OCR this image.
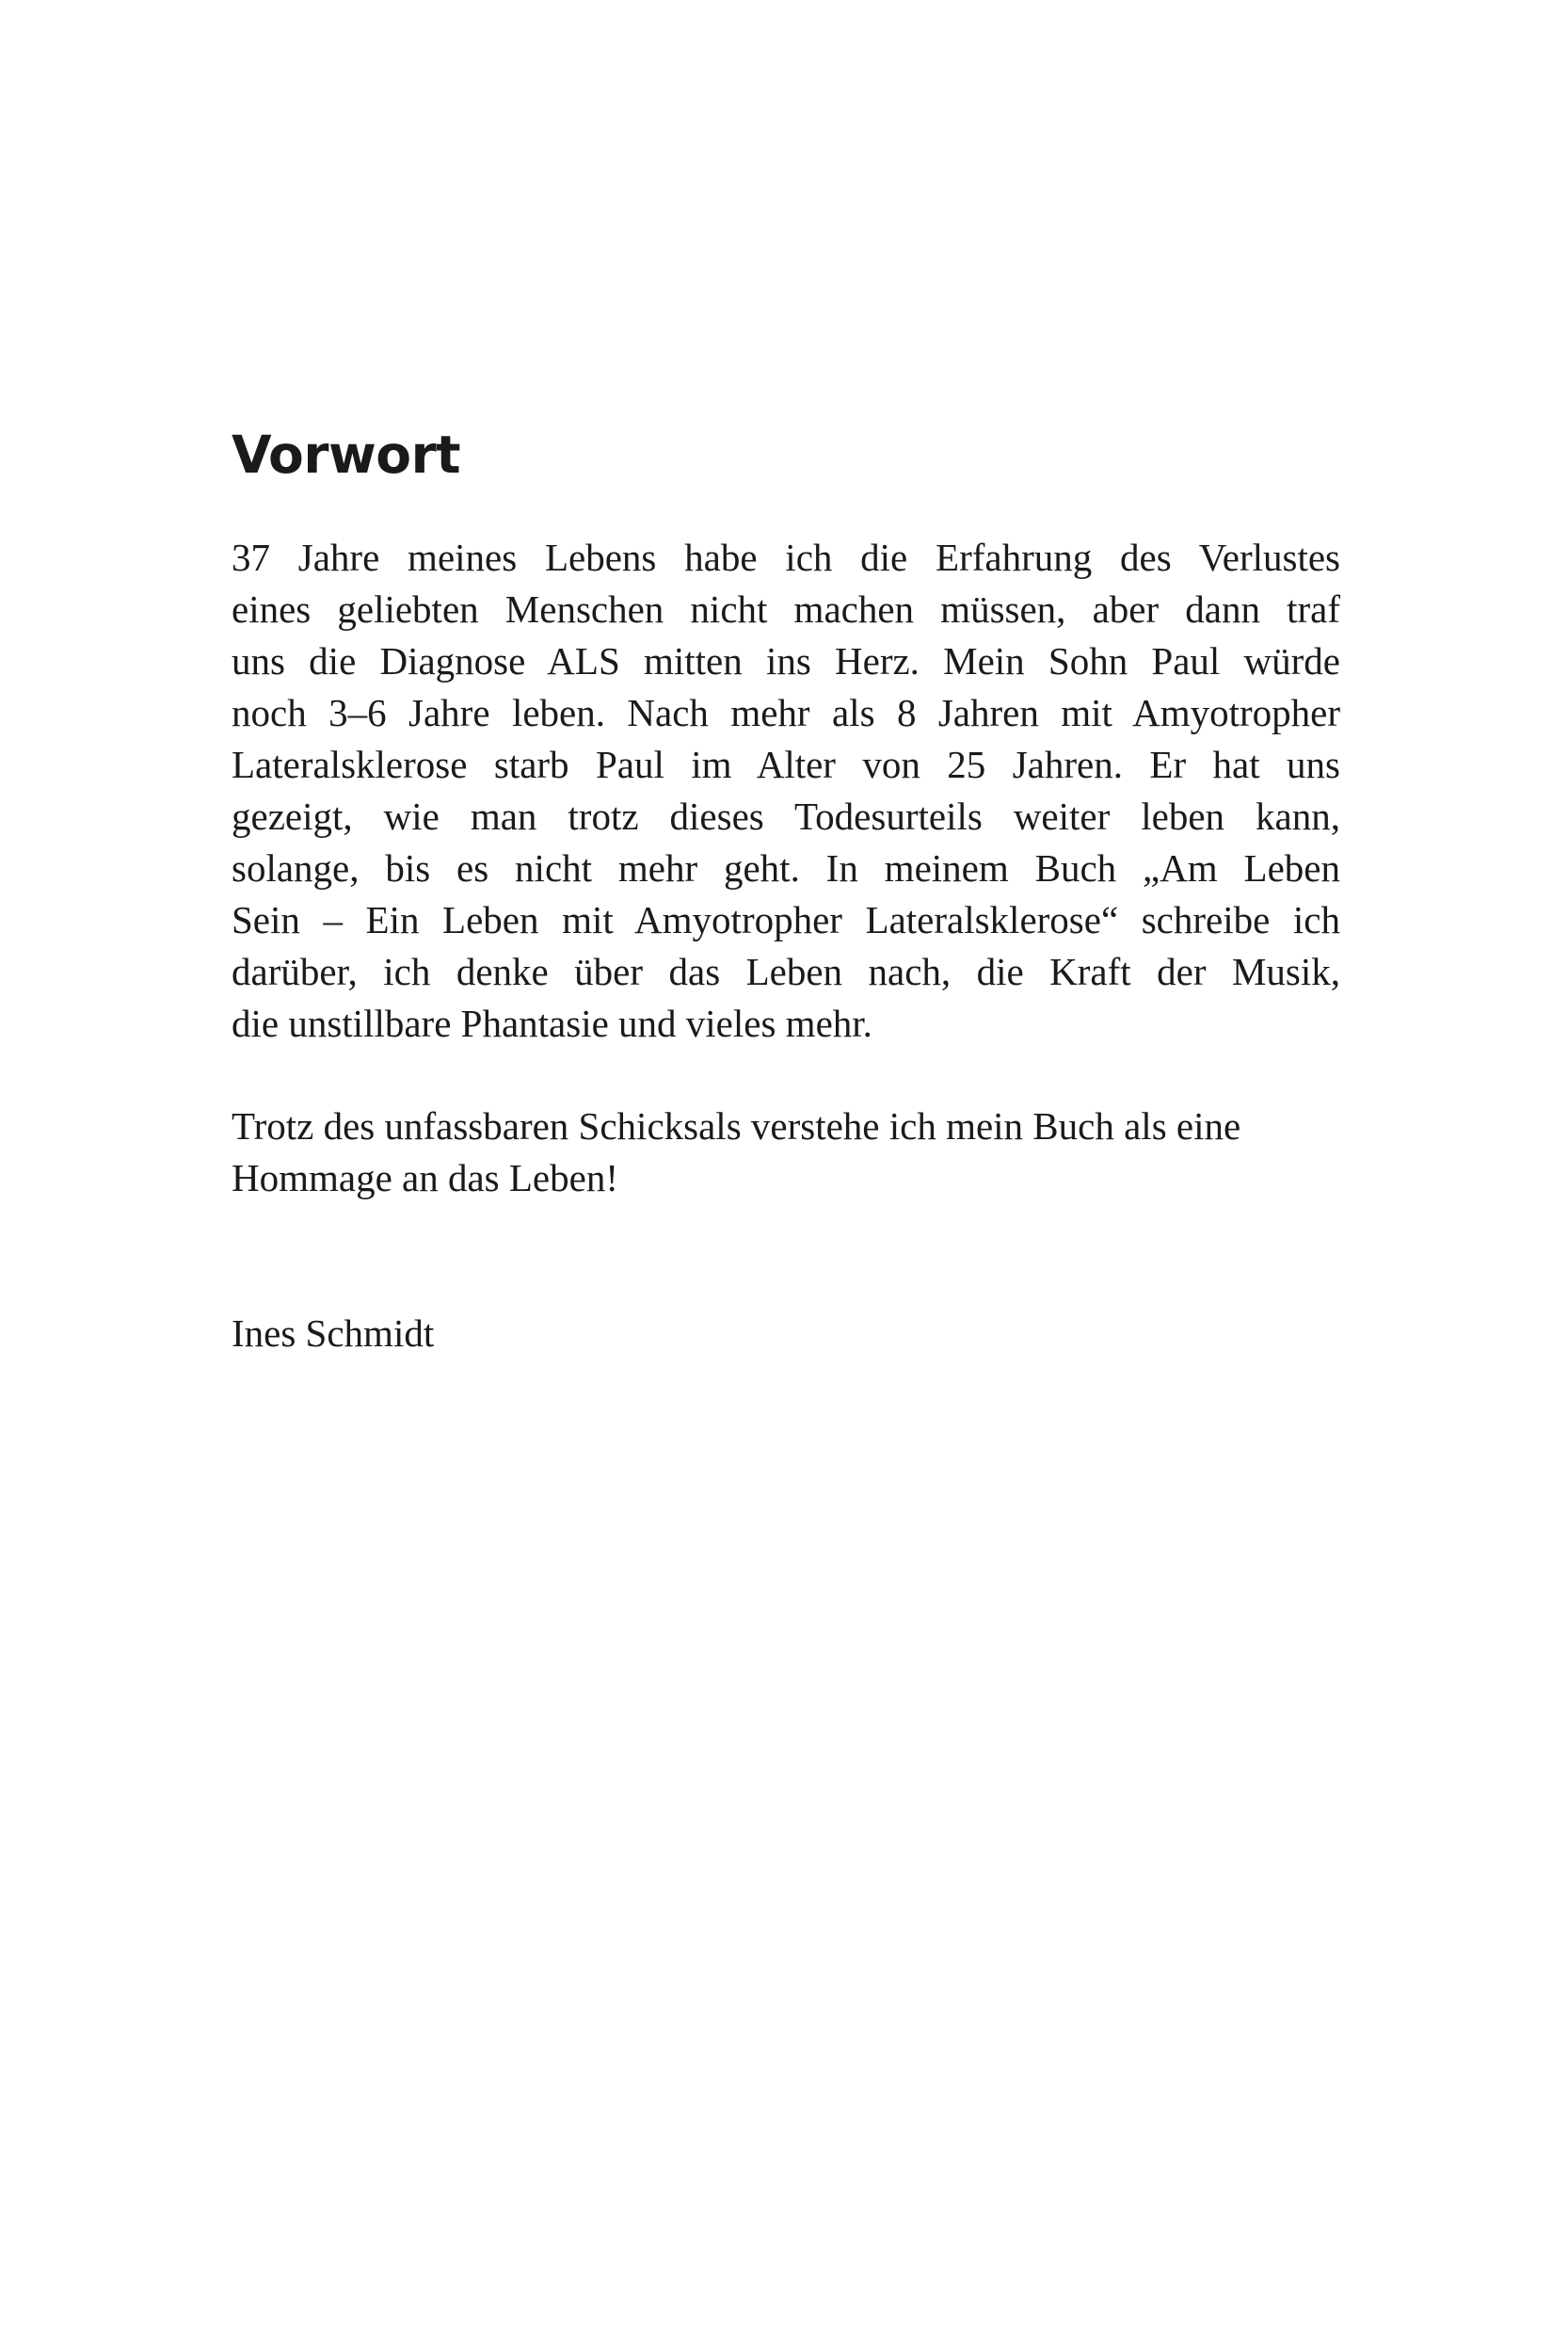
Vorwort

37 Jahre meines Lebens habe ich die Erfahrung des Verlustes
eines geliebten Menschen nicht machen müssen, aber dann traf
uns die Diagnose ALS mitten ins Herz. Mein Sohn Paul würde
noch 3–6 Jahre leben. Nach mehr als 8 Jahren mit Amyotropher
Lateralsklerose starb Paul im Alter von 25 Jahren. Er hat uns
gezeigt, wie man trotz dieses Todesurteils weiter leben kann,
solange, bis es nicht mehr geht. In meinem Buch „Am Leben
Sein – Ein Leben mit Amyotropher Lateralsklerose“ schreibe ich
darüber, ich denke über das Leben nach, die Kraft der Musik,
die unstillbare Phantasie und vieles mehr.

Trotz des unfassbaren Schicksals verstehe ich mein Buch als eine
Hommage an das Leben!

Ines Schmidt
